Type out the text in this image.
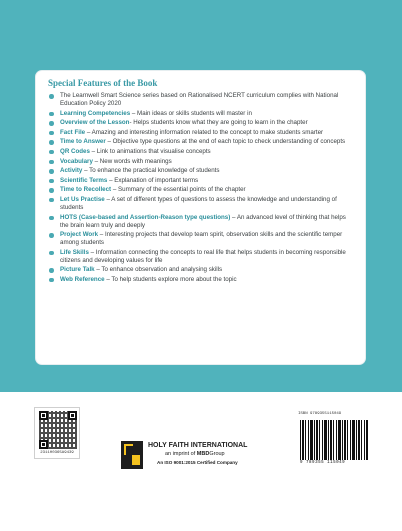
Special Features of the Book
The Learnwell Smart Science series based on Rationalised NCERT curriculum complies with National Education Policy 2020
Learning Competencies – Main ideas or skills students will master in
Overview of the Lesson- Helps students know what they are going to learn in the chapter
Fact File – Amazing and interesting information related to the concept to make students smarter
Time to Answer – Objective type questions at the end of each topic to check understanding of concepts
QR Codes – Link to animations that visualise concepts
Vocabulary – New words with meanings
Activity – To enhance the practical knowledge of students
Scientific Terms – Explanation of important terms
Time to Recollect – Summary of the essential points of the chapter
Let Us Practise – A set of different types of questions to assess the knowledge and understanding of students
HOTS (Case-based and Assertion-Reason type questions) – An advanced level of thinking that helps the brain learn truly and deeply
Project Work – Interesting projects that develop team spirit, observation skills and the scientific temper among students
Life Skills – Information connecting the concepts to real life that helps students in becoming responsible citizens and developing values for life
Picture Talk – To enhance observation and analysing skills
Web Reference – To help students explore more about the topic
2311H0365A9439
HOLY FAITH INTERNATIONAL
an imprint of MBDGroup
An ISO 9001:2015 Certified Company
ISBN 9789355115049
9 789355 115049
